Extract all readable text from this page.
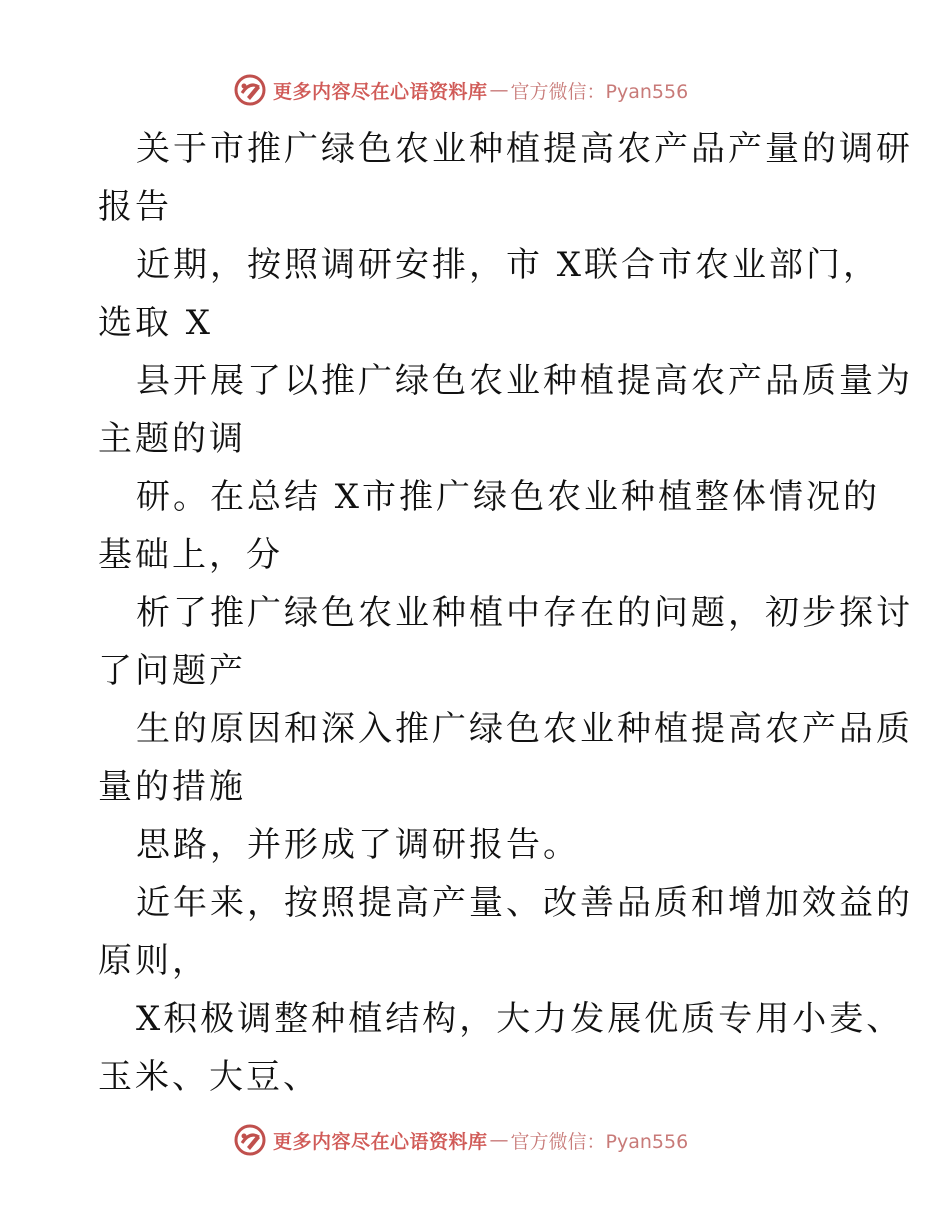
更多内容尽在心语资料库 — 官方微信：Pyan556
关于市推广绿色农业种植提高农产品产量的调研
报告
近期，按照调研安排，市 X联合市农业部门，
选取 X
县开展了以推广绿色农业种植提高农产品质量为
主题的调
研。在总结 X市推广绿色农业种植整体情况的
基础上，分
析了推广绿色农业种植中存在的问题，初步探讨
了问题产
生的原因和深入推广绿色农业种植提高农产品质
量的措施
思路，并形成了调研报告。
近年来，按照提高产量、改善品质和增加效益的
原则，
X积极调整种植结构，大力发展优质专用小麦、
玉米、大豆、
更多内容尽在心语资料库 — 官方微信：Pyan556
